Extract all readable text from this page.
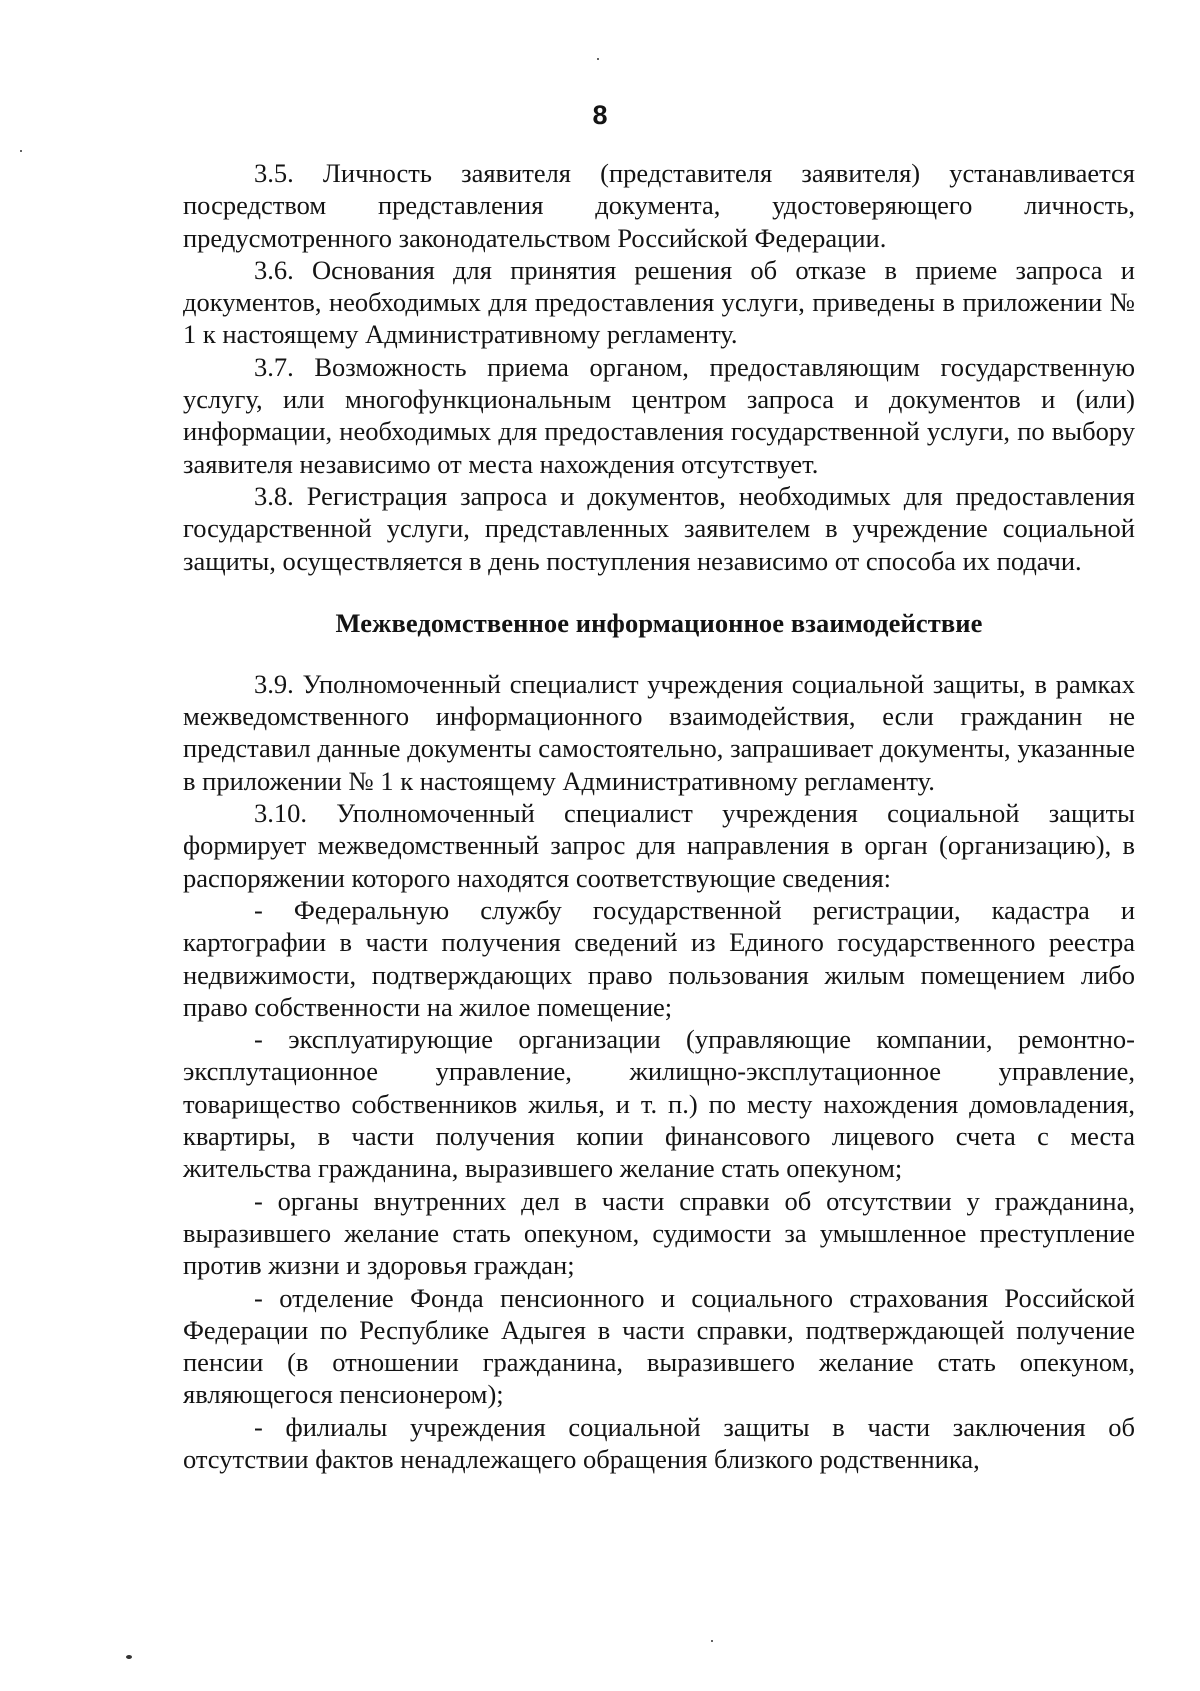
8

3.5. Личность заявителя (представителя заявителя) устанавливается посредством представления документа, удостоверяющего личность, предусмотренного законодательством Российской Федерации.

3.6. Основания для принятия решения об отказе в приеме запроса и документов, необходимых для предоставления услуги, приведены в приложении № 1 к настоящему Административному регламенту.

3.7. Возможность приема органом, предоставляющим государственную услугу, или многофункциональным центром запроса и документов и (или) информации, необходимых для предоставления государственной услуги, по выбору заявителя независимо от места нахождения отсутствует.

3.8. Регистрация запроса и документов, необходимых для предоставления государственной услуги, представленных заявителем в учреждение социальной защиты, осуществляется в день поступления независимо от способа их подачи.

Межведомственное информационное взаимодействие

3.9. Уполномоченный специалист учреждения социальной защиты, в рамках межведомственного информационного взаимодействия, если гражданин не представил данные документы самостоятельно, запрашивает документы, указанные в приложении № 1 к настоящему Административному регламенту.

3.10. Уполномоченный специалист учреждения социальной защиты формирует межведомственный запрос для направления в орган (организацию), в распоряжении которого находятся соответствующие сведения:

- Федеральную службу государственной регистрации, кадастра и картографии в части получения сведений из Единого государственного реестра недвижимости, подтверждающих право пользования жилым помещением либо право собственности на жилое помещение;

- эксплуатирующие организации (управляющие компании, ремонтно-эксплутационное управление, жилищно-эксплутационное управление, товарищество собственников жилья, и т. п.) по месту нахождения домовладения, квартиры, в части получения копии финансового лицевого счета с места жительства гражданина, выразившего желание стать опекуном;

- органы внутренних дел в части справки об отсутствии у гражданина, выразившего желание стать опекуном, судимости за умышленное преступление против жизни и здоровья граждан;

- отделение Фонда пенсионного и социального страхования Российской Федерации по Республике Адыгея в части справки, подтверждающей получение пенсии (в отношении гражданина, выразившего желание стать опекуном, являющегося пенсионером);

- филиалы учреждения социальной защиты в части заключения об отсутствии фактов ненадлежащего обращения близкого родственника,
